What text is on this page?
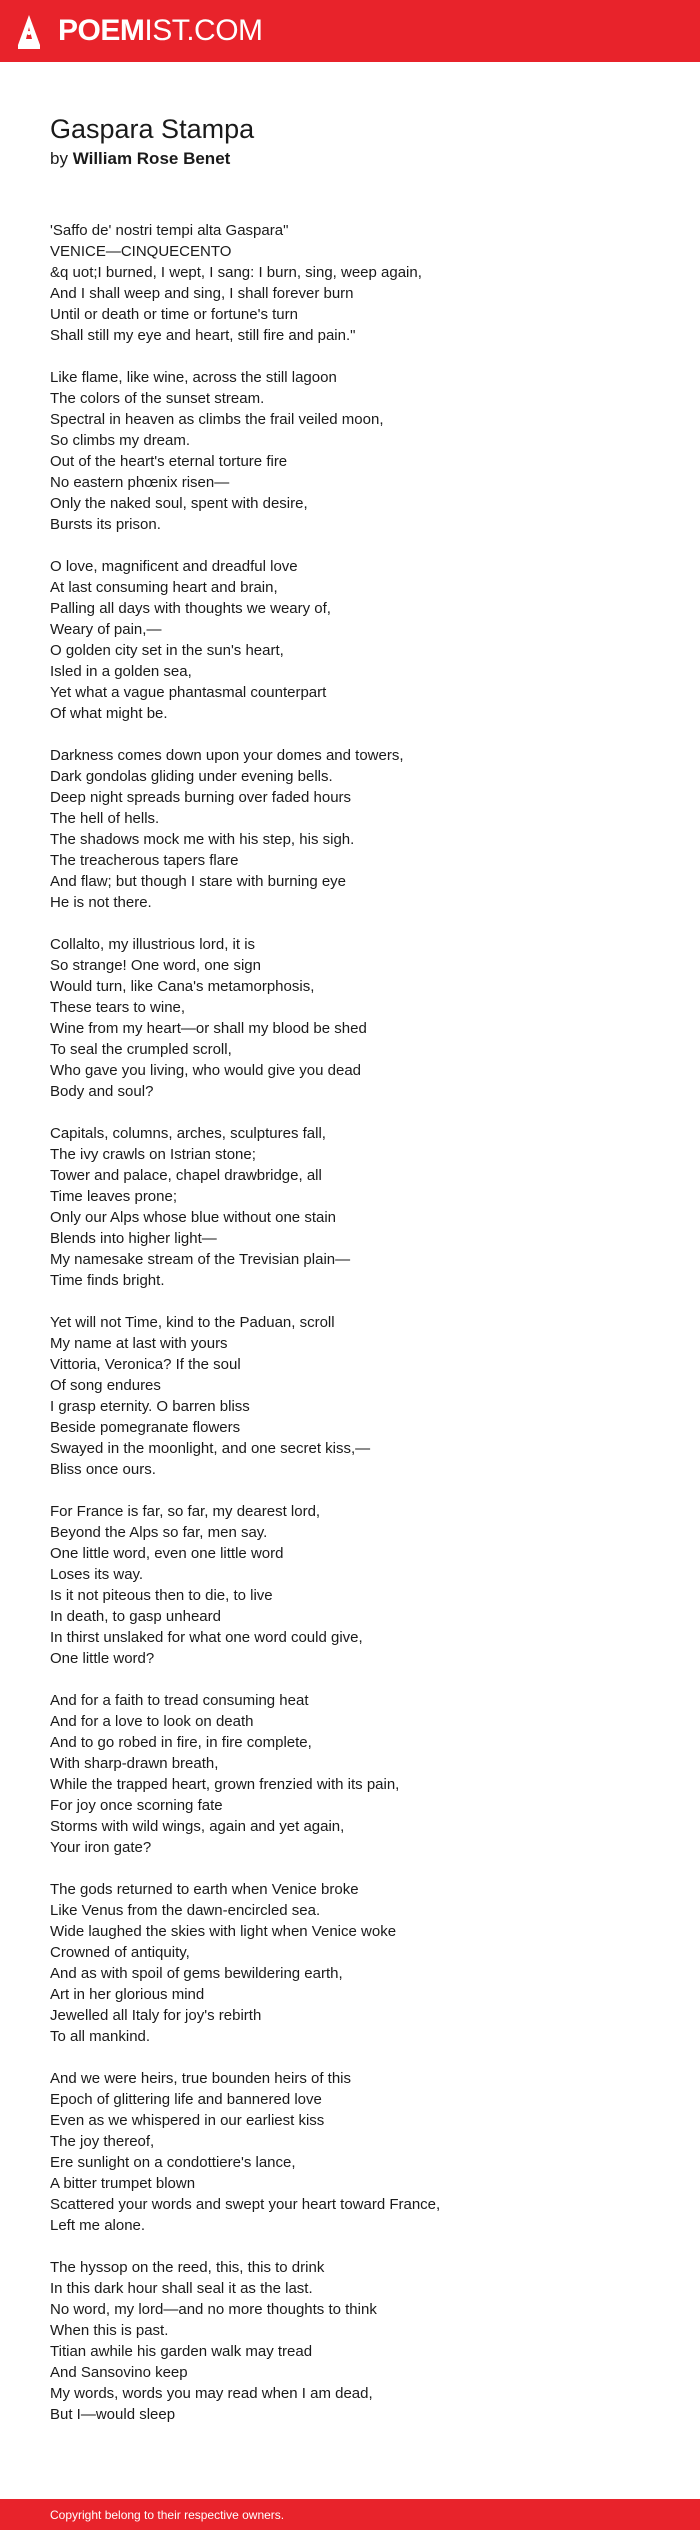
POEMIST.COM
Gaspara Stampa
by William Rose Benet
'Saffo de' nostri tempi alta Gaspara"
VENICE—CINQUECENTO
&q uot;I burned, I wept, I sang: I burn, sing, weep again,
And I shall weep and sing, I shall forever burn
Until or death or time or fortune's turn
Shall still my eye and heart, still fire and pain."
Like flame, like wine, across the still lagoon
The colors of the sunset stream.
Spectral in heaven as climbs the frail veiled moon,
So climbs my dream.
Out of the heart's eternal torture fire
No eastern phœnix risen—
Only the naked soul, spent with desire,
Bursts its prison.
O love, magnificent and dreadful love
At last consuming heart and brain,
Palling all days with thoughts we weary of,
Weary of pain,—
O golden city set in the sun's heart,
Isled in a golden sea,
Yet what a vague phantasmal counterpart
Of what might be.
Darkness comes down upon your domes and towers,
Dark gondolas gliding under evening bells.
Deep night spreads burning over faded hours
The hell of hells.
The shadows mock me with his step, his sigh.
The treacherous tapers flare
And flaw; but though I stare with burning eye
He is not there.
Collalto, my illustrious lord, it is
So strange! One word, one sign
Would turn, like Cana's metamorphosis,
These tears to wine,
Wine from my heart—or shall my blood be shed
To seal the crumpled scroll,
Who gave you living, who would give you dead
Body and soul?
Capitals, columns, arches, sculptures fall,
The ivy crawls on Istrian stone;
Tower and palace, chapel drawbridge, all
Time leaves prone;
Only our Alps whose blue without one stain
Blends into higher light—
My namesake stream of the Trevisian plain—
Time finds bright.
Yet will not Time, kind to the Paduan, scroll
My name at last with yours
Vittoria, Veronica? If the soul
Of song endures
I grasp eternity. O barren bliss
Beside pomegranate flowers
Swayed in the moonlight, and one secret kiss,—
Bliss once ours.
For France is far, so far, my dearest lord,
Beyond the Alps so far, men say.
One little word, even one little word
Loses its way.
Is it not piteous then to die, to live
In death, to gasp unheard
In thirst unslaked for what one word could give,
One little word?
And for a faith to tread consuming heat
And for a love to look on death
And to go robed in fire, in fire complete,
With sharp-drawn breath,
While the trapped heart, grown frenzied with its pain,
For joy once scorning fate
Storms with wild wings, again and yet again,
Your iron gate?
The gods returned to earth when Venice broke
Like Venus from the dawn-encircled sea.
Wide laughed the skies with light when Venice woke
Crowned of antiquity,
And as with spoil of gems bewildering earth,
Art in her glorious mind
Jewelled all Italy for joy's rebirth
To all mankind.
And we were heirs, true bounden heirs of this
Epoch of glittering life and bannered love
Even as we whispered in our earliest kiss
The joy thereof,
Ere sunlight on a condottiere's lance,
A bitter trumpet blown
Scattered your words and swept your heart toward France,
Left me alone.
The hyssop on the reed, this, this to drink
In this dark hour shall seal it as the last.
No word, my lord—and no more thoughts to think
When this is past.
Titian awhile his garden walk may tread
And Sansovino keep
My words, words you may read when I am dead,
But I—would sleep
Copyright belong to their respective owners.
